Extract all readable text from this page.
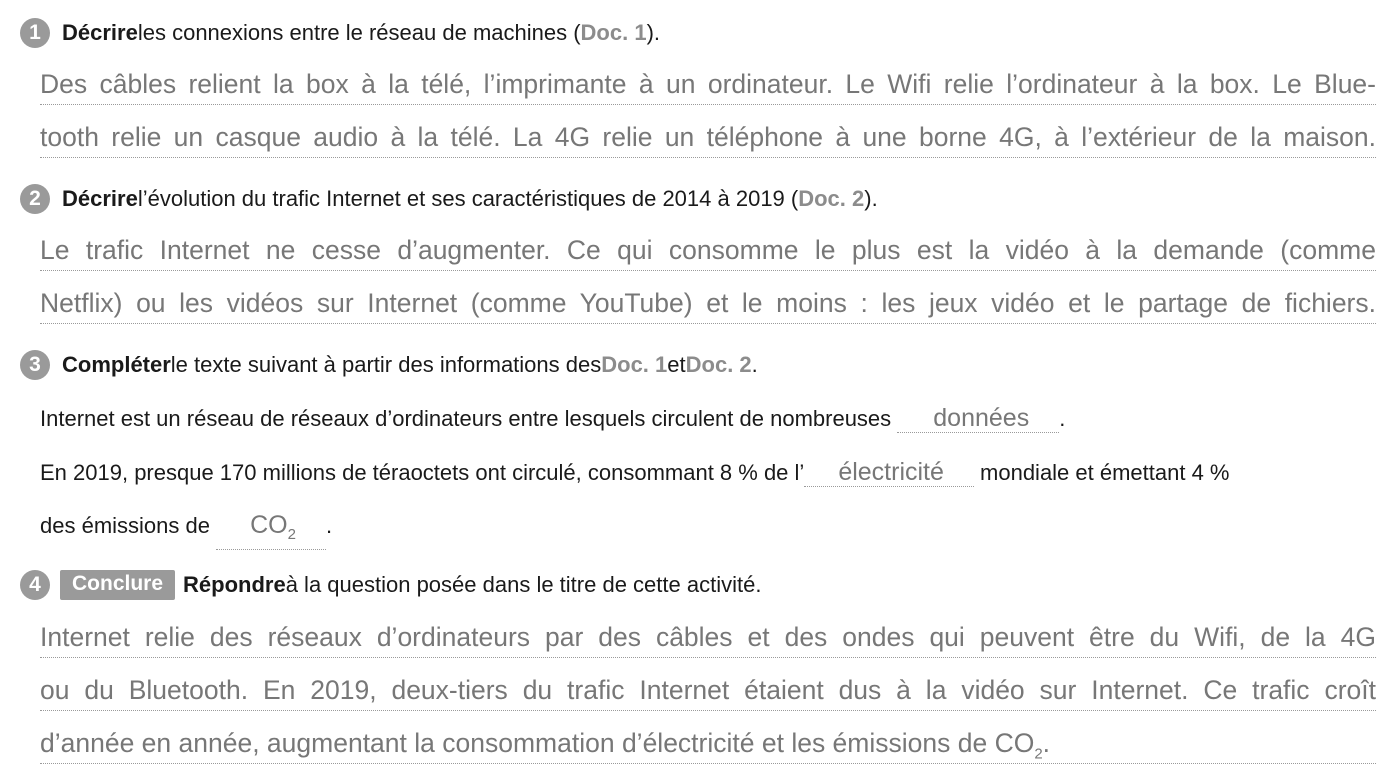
1 Décrire les connexions entre le réseau de machines ( Doc. 1 ).
Des câbles relient la box à la télé, l’imprimante à un ordinateur. Le Wifi relie l’ordinateur à la box. Le Blue-
tooth relie un casque audio à la télé. La 4G relie un téléphone à une borne 4G, à l’extérieur de la maison.
2 Décrire l’évolution du trafic Internet et ses caractéristiques de 2014 à 2019 ( Doc. 2 ).
Le trafic Internet ne cesse d’augmenter. Ce qui consomme le plus est la vidéo à la demande (comme
Netflix) ou les vidéos sur Internet (comme YouTube) et le moins : les jeux vidéo et le partage de fichiers.
3 Compléter le texte suivant à partir des informations des Doc. 1 et Doc. 2 .
Internet est un réseau de réseaux d’ordinateurs entre lesquels circulent de nombreuses données .
En 2019, presque 170 millions de téraoctets ont circulé, consommant 8 % de l’ électricité mondiale et émettant 4 %
des émissions de $CO_2$ .
4	Conclure Répondre à la question posée dans le titre de cette activité.
Internet relie des réseaux d’ordinateurs par des câbles et des ondes qui peuvent être du Wifi, de la 4G
ou du Bluetooth. En 2019, deux-tiers du trafic Internet étaient dus à la vidéo sur Internet. Ce trafic croît
d’année en année, augmentant la consommation d’électricité et les émissions de $CO_2$.
